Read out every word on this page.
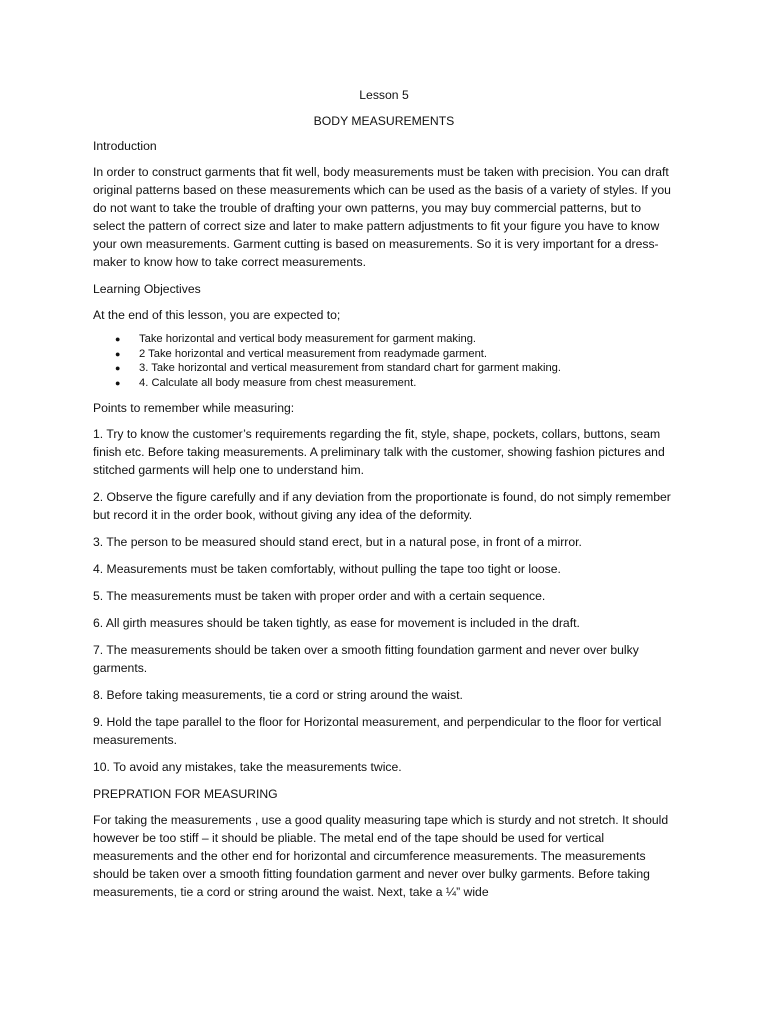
Lesson 5

BODY MEASUREMENTS

Introduction

In order to construct garments that fit well, body measurements must be taken with precision. You can draft original patterns based on these measurements which can be used as the basis of a variety of styles. If you do not want to take the trouble of drafting your own patterns, you may buy commercial patterns, but to select the pattern of correct size and later to make pattern adjustments to fit your figure you have to know your own measurements. Garment cutting is based on measurements. So it is very important for a dress-maker to know how to take correct measurements.

Learning Objectives

At the end of this lesson, you are expected to;

● Take horizontal and vertical body measurement for garment making.
● 2 Take horizontal and vertical measurement from readymade garment.
● 3. Take horizontal and vertical measurement from standard chart for garment making.
● 4. Calculate all body measure from chest measurement.

Points to remember while measuring:

1. Try to know the customer’s requirements regarding the fit, style, shape, pockets, collars, buttons, seam finish etc. Before taking measurements. A preliminary talk with the customer, showing fashion pictures and stitched garments will help one to understand him.

2. Observe the figure carefully and if any deviation from the proportionate is found, do not simply remember but record it in the order book, without giving any idea of the deformity.

3. The person to be measured should stand erect, but in a natural pose, in front of a mirror.

4. Measurements must be taken comfortably, without pulling the tape too tight or loose.

5. The measurements must be taken with proper order and with a certain sequence.

6. All girth measures should be taken tightly, as ease for movement is included in the draft.

7. The measurements should be taken over a smooth fitting foundation garment and never over bulky garments.

8. Before taking measurements, tie a cord or string around the waist.

9. Hold the tape parallel to the floor for Horizontal measurement, and perpendicular to the floor for vertical measurements.

10. To avoid any mistakes, take the measurements twice.

PREPRATION FOR MEASURING

For taking the measurements , use a good quality measuring tape which is sturdy and not stretch. It should however be too stiff – it should be pliable. The metal end of the tape should be used for vertical measurements and the other end for horizontal and circumference measurements. The measurements should be taken over a smooth fitting foundation garment and never over bulky garments. Before taking measurements, tie a cord or string around the waist. Next, take a ¼” wide
